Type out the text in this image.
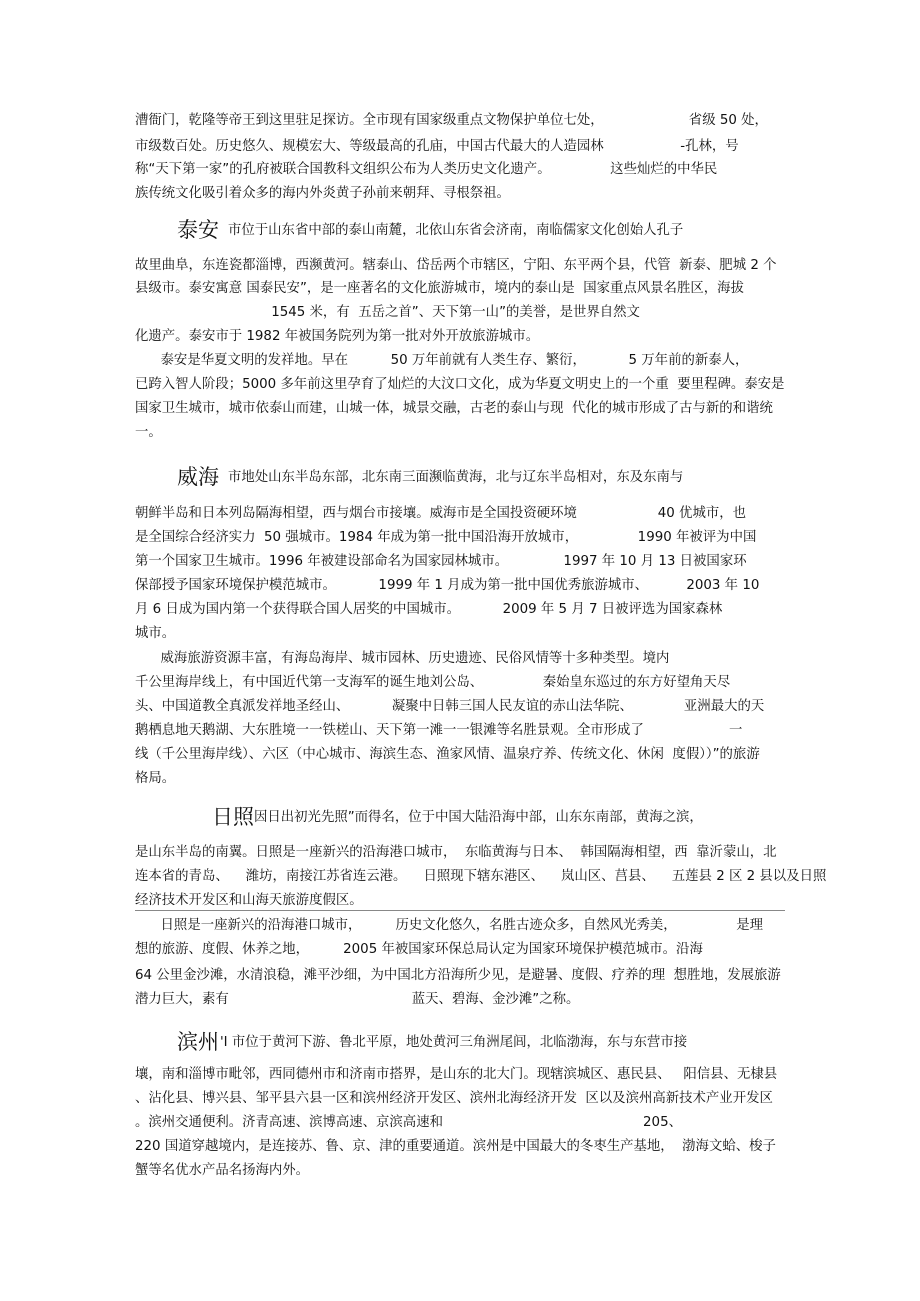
漕衙门，乾隆等帝王到这里驻足探访。全市现有国家级重点文物保护单位七处，                    省级 50 处，
市级数百处。历史悠久、规模宏大、等级最高的孔庙，中国古代最大的人造园林                  -孔林，号
称“天下第一家”的孔府被联合国教科文组织公布为人类历史文化遗产。              这些灿烂的中华民
族传统文化吸引着众多的海内外炎黄子孙前来朝拜、寻根祭祖。
泰安 市位于山东省中部的泰山南麓，北依山东省会济南，南临儒家文化创始人孔子
故里曲阜，东连瓷都淄博，西濒黄河。辖泰山、岱岳两个市辖区，宁阳、东平两个县，代管  新泰、肥城 2 个
县级市。泰安寓意 国泰民安”，是一座著名的文化旅游城市，境内的泰山是  国家重点风景名胜区，海拔
1545 米，有  五岳之首”、天下第一山”的美誉，是世界自然文
化遗产。泰安市于 1982 年被国务院列为第一批对外开放旅游城市。
泰安是华夏文明的发祥地。早在          50 万年前就有人类生存、繁衍，          5 万年前的新泰人，
已跨入智人阶段；5000 多年前这里孕育了灿烂的大汶口文化，成为华夏文明史上的一个重  要里程碑。泰安是
国家卫生城市，城市依泰山而建，山城一体，城景交融，古老的泰山与现  代化的城市形成了古与新的和谐统
一。
威海 市地处山东半岛东部，北东南三面濒临黄海，北与辽东半岛相对，东及东南与
朝鲜半岛和日本列岛隔海相望，西与烟台市接壤。威海市是全国投资硬环境                   40 优城市，也
是全国综合经济实力  50 强城市。1984 年成为第一批中国沿海开放城市，              1990 年被评为中国
第一个国家卫生城市。1996 年被建设部命名为国家园林城市。             1997 年 10 月 13 日被国家环
保部授予国家环境保护模范城市。          1999 年 1 月成为第一批中国优秀旅游城市、         2003 年 10
月 6 日成为国内第一个获得联合国人居奖的中国城市。          2009 年 5 月 7 日被评选为国家森林
城市。
威海旅游资源丰富，有海岛海岸、城市园林、历史遗迹、民俗风情等十多种类型。境内
千公里海岸线上，有中国近代第一支海军的诞生地刘公岛、              秦始皇东巡过的东方好望角天尽
头、中国道教全真派发祥地圣经山、          凝聚中日韩三国人民友谊的赤山法华院、            亚洲最大的天
鹅栖息地天鹅湖、大东胜境一一铁槎山、天下第一滩一一银滩等名胜景观。全市形成了                    一
线（千公里海岸线）、六区（中心城市、海滨生态、渔家风情、温泉疗养、传统文化、休闲  度假））”的旅游
格局。
日照 因日出初光先照”而得名，位于中国大陆沿海中部，山东东南部，黄海之滨，
是山东半岛的南翼。日照是一座新兴的沿海港口城市，  东临黄海与日本、  韩国隔海相望，西  靠沂蒙山，北
连本省的青岛、    潍坊，南接江苏省连云港。    日照现下辖东港区、    岚山区、莒县、    五莲县 2 区 2 县以及日照
经济技术开发区和山海天旅游度假区。
日照是一座新兴的沿海港口城市，        历史文化悠久，名胜古迹众多，自然风光秀美，              是理
想的旅游、度假、休养之地，        2005 年被国家环保总局认定为国家环境保护模范城市。沿海
64 公里金沙滩，水清浪稳，滩平沙细，为中国北方沿海所少见，是避暑、度假、疗养的理  想胜地，发展旅游
潜力巨大，素有                                           蓝天、碧海、金沙滩”之称。
滨州 'I 市位于黄河下游、鲁北平原，地处黄河三角洲尾闾，北临渤海，东与东营市接
壤，南和淄博市毗邻，西同德州市和济南市搭界，是山东的北大门。现辖滨城区、惠民县、   阳信县、无棣县
、沾化县、博兴县、邹平县六县一区和滨州经济开发区、滨州北海经济开发  区以及滨州高新技术产业开发区
。滨州交通便利。济青高速、滨博高速、京滨高速和                                               205、
220 国道穿越境内，是连接苏、鲁、京、津的重要通道。滨州是中国最大的冬枣生产基地，  渤海文蛤、梭子
蟹等名优水产品名扬海内外。
